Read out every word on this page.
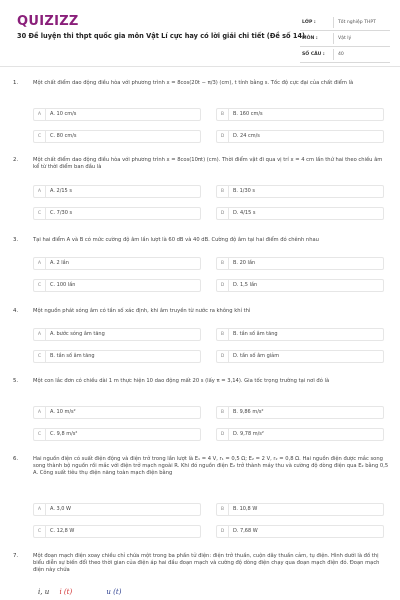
QUIZIZZ
30 Đề luyện thi thpt quốc gia môn Vật Lí cực hay có lời giải chi tiết (Đề số 14)
LỚP :	Tốt nghiệp THPT
MÔN :	Vật lý
SỐ CÂU :	40
1.	Một chất điểm dao động điều hòa với phương trình x = 8cos(20t − π/3) (cm), t tính bằng s. Tốc độ cực đại của chất điểm là
A	A. 10 cm/s	B	B. 160 cm/s
C	C. 80 cm/s	D	D. 24 cm/s
2.	Một chất điểm dao động điều hòa với phương trình x = 8cos(10πt) (cm). Thời điểm vật đi qua vị trí x = 4 cm lần thứ hai theo chiều âm kể từ thời điểm ban đầu là
A	A. 2/15 s	B	B. 1/30 s
C	C. 7/30 s	D	D. 4/15 s
3.	Tại hai điểm A và B có mức cường độ âm lần lượt là 60 dB và 40 dB. Cường độ âm tại hai điểm đó chênh nhau
A	A. 2 lần	B	B. 20 lần
C	C. 100 lần	D	D. 1,5 lần
4.	Một nguồn phát sóng âm có tần số xác định, khi âm truyền từ nước ra không khí thì
A	A. bước sóng âm tăng	B	B. tần số âm tăng
C	B. tần số âm tăng	D	D. tần số âm giảm
5.	Một con lắc đơn có chiều dài 1 m thực hiện 10 dao động mất 20 s (lấy π = 3,14). Gia tốc trọng trường tại nơi đó là
A	A. 10 m/s²	B	B. 9,86 m/s²
C	C. 9,8 m/s²	D	D. 9,78 m/s²
6.	Hai nguồn điện có suất điện động và điện trở trong lần lượt là E₁ = 4 V, r₁ = 0,5 Ω; E₂ = 2 V, r₂ = 0,8 Ω. Hai nguồn điện được mắc song song thành bộ nguồn rồi mắc với điện trở mạch ngoài R. Khi đó nguồn điện E₂ trở thành máy thu và cường độ dòng điện qua E₂ bằng 0,5 A. Công suất tiêu thụ điện năng toàn mạch điện bằng
A	A. 3,0 W	B	B. 10,8 W
C	C. 12,8 W	D	D. 7,68 W
7.	Một đoạn mạch điện xoay chiều chỉ chứa một trong ba phần tử điện: điện trở thuần, cuộn dây thuần cảm, tụ điện. Hình dưới là đồ thị biểu diễn sự biến đổi theo thời gian của điện áp hai đầu đoạn mạch và cường độ dòng điện chạy qua đoạn mạch điện đó. Đoạn mạch điện này chứa
i, u i (t)	u (t)
